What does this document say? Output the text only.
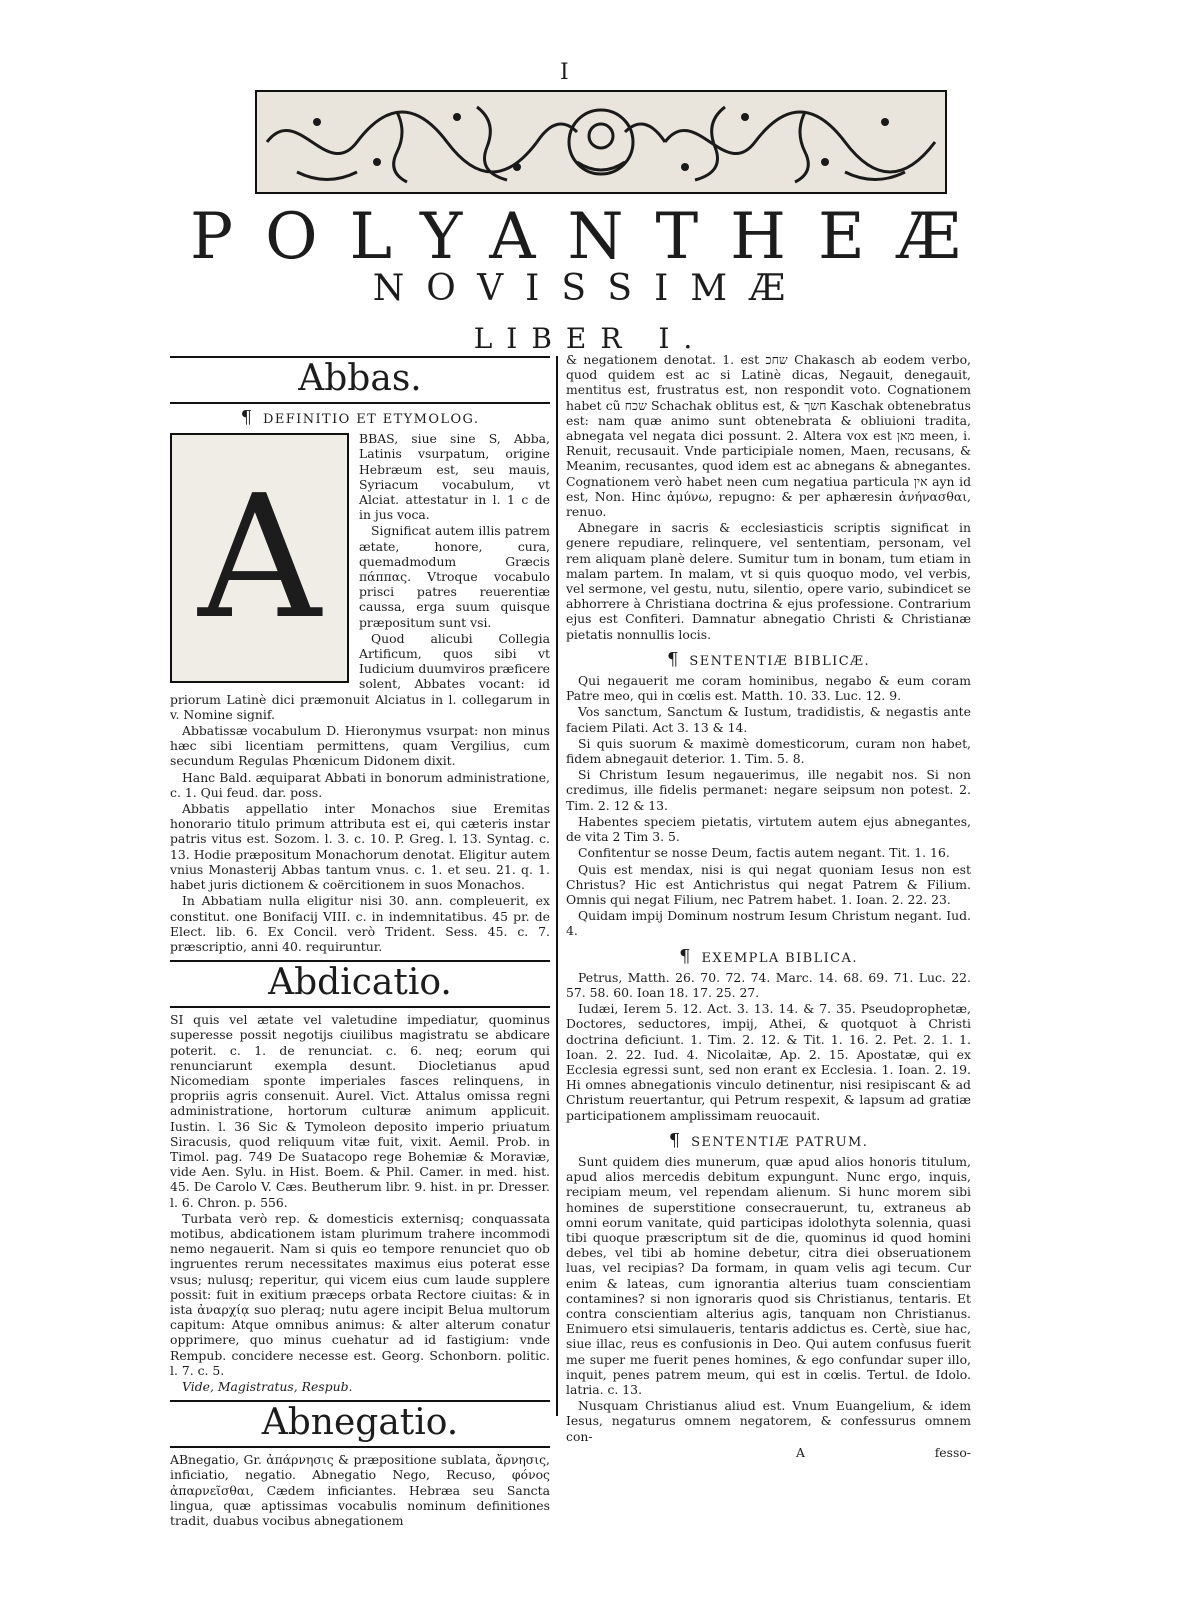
I
POLYANTHEÆ
NOVISSIMÆ
LIBER I.
Abbas.
¶ DEFINITIO ET ETYMOLOG.
A

BBAS, siue sine S, Abba, Latinis vsurpatum, origine Hebræum est, seu mauis, Syriacum vocabulum, vt Alciat. attestatur in l. 1 c de in jus voca.

Significat autem illis patrem ætate, honore, cura, quemadmodum Græcis πάππας. Vtroque vocabulo prisci patres reuerentiæ caussa, erga suum quisque præpositum sunt vsi.

Quod alicubi Collegia Artificum, quos sibi vt Iudicium duumviros præficere solent, Abbates vocant: id priorum Latinè dici præmonuit Alciatus in l. collegarum in v. Nomine signif.

Abbatissæ vocabulum D. Hieronymus vsurpat: non minus hæc sibi licentiam permittens, quam Vergilius, cum secundum Regulas Phœnicum Didonem dixit.

Hanc Bald. æquiparat Abbati in bonorum administratione, c. 1. Qui feud. dar. poss.

Abbatis appellatio inter Monachos siue Eremitas honorario titulo primum attributa est ei, qui cæteris instar patris vitus est. Sozom. l. 3. c. 10. P. Greg. l. 13. Syntag. c. 13. Hodie præpositum Monachorum denotat. Eligitur autem vnius Monasterij Abbas tantum vnus. c. 1. et seu. 21. q. 1. habet juris dictionem & coërcitionem in suos Monachos.

In Abbatiam nulla eligitur nisi 30. ann. compleuerit, ex constitut. one Bonifacij VIII. c. in indemnitatibus. 45 pr. de Elect. lib. 6. Ex Concil. verò Trident. Sess. 45. c. 7. præscriptio, anni 40. requiruntur.

Abdicatio.

SI quis vel ætate vel valetudine impediatur, quominus superesse possit negotijs ciuilibus magistratu se abdicare poterit. c. 1. de renunciat. c. 6. neq; eorum qui renunciarunt exempla desunt. Diocletianus apud Nicomediam sponte imperiales fasces relinquens, in propriis agris consenuit. Aurel. Vict. Attalus omissa regni administratione, hortorum culturæ animum applicuit. Iustin. l. 36 Sic & Tymoleon deposito imperio priuatum Siracusis, quod reliquum vitæ fuit, vixit. Aemil. Prob. in Timol. pag. 749 De Suatacopo rege Bohemiæ & Moraviæ, vide Aen. Sylu. in Hist. Boem. & Phil. Camer. in med. hist. 45. De Carolo V. Cæs. Beutherum libr. 9. hist. in pr. Dresser. l. 6. Chron. p. 556.

Turbata verò rep. & domesticis externisq; conquassata motibus, abdicationem istam plurimum trahere incommodi nemo negauerit. Nam si quis eo tempore renunciet quo ob ingruentes rerum necessitates maximus eius poterat esse vsus; nulusq; reperitur, qui vicem eius cum laude supplere possit: fuit in exitium præceps orbata Rectore ciuitas: & in ista ἀναρχίᾳ suo pleraq; nutu agere incipit Belua multorum capitum: Atque omnibus animus: & alter alterum conatur opprimere, quo minus cuehatur ad id fastigium: vnde Rempub. concidere necesse est. Georg. Schonborn. politic. l. 7. c. 5.

Vide, Magistratus, Respub.

Abnegatio.

ABnegatio, Gr. ἀπάρνησις & præpositione sublata, ἄρνησις, inficiatio, negatio. Abnegatio Nego, Recuso, φόνος ἀπαρνεῖσθαι, Cædem inficiantes. Hebræa seu Sancta lingua, quæ aptissimas vocabulis nominum definitiones tradit, duabus vocibus abnegationem

& negationem denotat. 1. est שחכ Chakasch ab eodem verbo, quod quidem est ac si Latinè dicas, Negauit, denegauit, mentitus est, frustratus est, non respondit voto. Cognationem habet cũ שכח Schachak oblitus est, & חשך Kaschak obtenebratus est: nam quæ animo sunt obtenebrata & obliuioni tradita, abnegata vel negata dici possunt. 2. Altera vox est מאן meen, i. Renuit, recusauit. Vnde participiale nomen, Maen, recusans, & Meanim, recusantes, quod idem est ac abnegans & abnegantes. Cognationem verò habet neen cum negatiua particula אין ayn id est, Non. Hinc ἀμύνω, repugno: & per aphæresin ἀνήνασθαι, renuo.

Abnegare in sacris & ecclesiasticis scriptis significat in genere repudiare, relinquere, vel sententiam, personam, vel rem aliquam planè delere. Sumitur tum in bonam, tum etiam in malam partem. In malam, vt si quis quoquo modo, vel verbis, vel sermone, vel gestu, nutu, silentio, opere vario, subindicet se abhorrere à Christiana doctrina & ejus professione. Contrarium ejus est Confiteri. Damnatur abnegatio Christi & Christianæ pietatis nonnullis locis.

¶ SENTENTIÆ BIBLICÆ.

Qui negauerit me coram hominibus, negabo & eum coram Patre meo, qui in cœlis est. Matth. 10. 33. Luc. 12. 9.

Vos sanctum, Sanctum & Iustum, tradidistis, & negastis ante faciem Pilati. Act 3. 13 & 14.

Si quis suorum & maximè domesticorum, curam non habet, fidem abnegauit deterior. 1. Tim. 5. 8.

Si Christum Iesum negauerimus, ille negabit nos. Si non credimus, ille fidelis permanet: negare seipsum non potest. 2. Tim. 2. 12 & 13.

Habentes speciem pietatis, virtutem autem ejus abnegantes, de vita 2 Tim 3. 5.

Confitentur se nosse Deum, factis autem negant. Tit. 1. 16.

Quis est mendax, nisi is qui negat quoniam Iesus non est Christus? Hic est Antichristus qui negat Patrem & Filium. Omnis qui negat Filium, nec Patrem habet. 1. Ioan. 2. 22. 23.

Quidam impij Dominum nostrum Iesum Christum negant. Iud. 4.

¶ EXEMPLA BIBLICA.

Petrus, Matth. 26. 70. 72. 74. Marc. 14. 68. 69. 71. Luc. 22. 57. 58. 60. Ioan 18. 17. 25. 27.

Iudæi, Ierem 5. 12. Act. 3. 13. 14. & 7. 35. Pseudoprophetæ, Doctores, seductores, impij, Athei, & quotquot à Christi doctrina deficiunt. 1. Tim. 2. 12. & Tit. 1. 16. 2. Pet. 2. 1. 1. Ioan. 2. 22. Iud. 4. Nicolaitæ, Ap. 2. 15. Apostatæ, qui ex Ecclesia egressi sunt, sed non erant ex Ecclesia. 1. Ioan. 2. 19. Hi omnes abnegationis vinculo detinentur, nisi resipiscant & ad Christum reuertantur, qui Petrum respexit, & lapsum ad gratiæ participationem amplissimam reuocauit.

¶ SENTENTIÆ PATRUM.

Sunt quidem dies munerum, quæ apud alios honoris titulum, apud alios mercedis debitum expungunt. Nunc ergo, inquis, recipiam meum, vel rependam alienum. Si hunc morem sibi homines de superstitione consecrauerunt, tu, extraneus ab omni eorum vanitate, quid participas idolothyta solennia, quasi tibi quoque præscriptum sit de die, quominus id quod homini debes, vel tibi ab homine debetur, citra diei obseruationem luas, vel recipias? Da formam, in quam velis agi tecum. Cur enim & lateas, cum ignorantia alterius tuam conscientiam contamines? si non ignoraris quod sis Christianus, tentaris. Et contra conscientiam alterius agis, tanquam non Christianus. Enimuero etsi simulaueris, tentaris addictus es. Certè, siue hac, siue illac, reus es confusionis in Deo. Qui autem confusus fuerit me super me fuerit penes homines, & ego confundar super illo, inquit, penes patrem meum, qui est in cœlis. Tertul. de Idolo. latria. c. 13.

Nusquam Christianus aliud est. Vnum Euangelium, & idem Iesus, negaturus omnem negatorem, & confessurus omnem con-

A	fesso-
